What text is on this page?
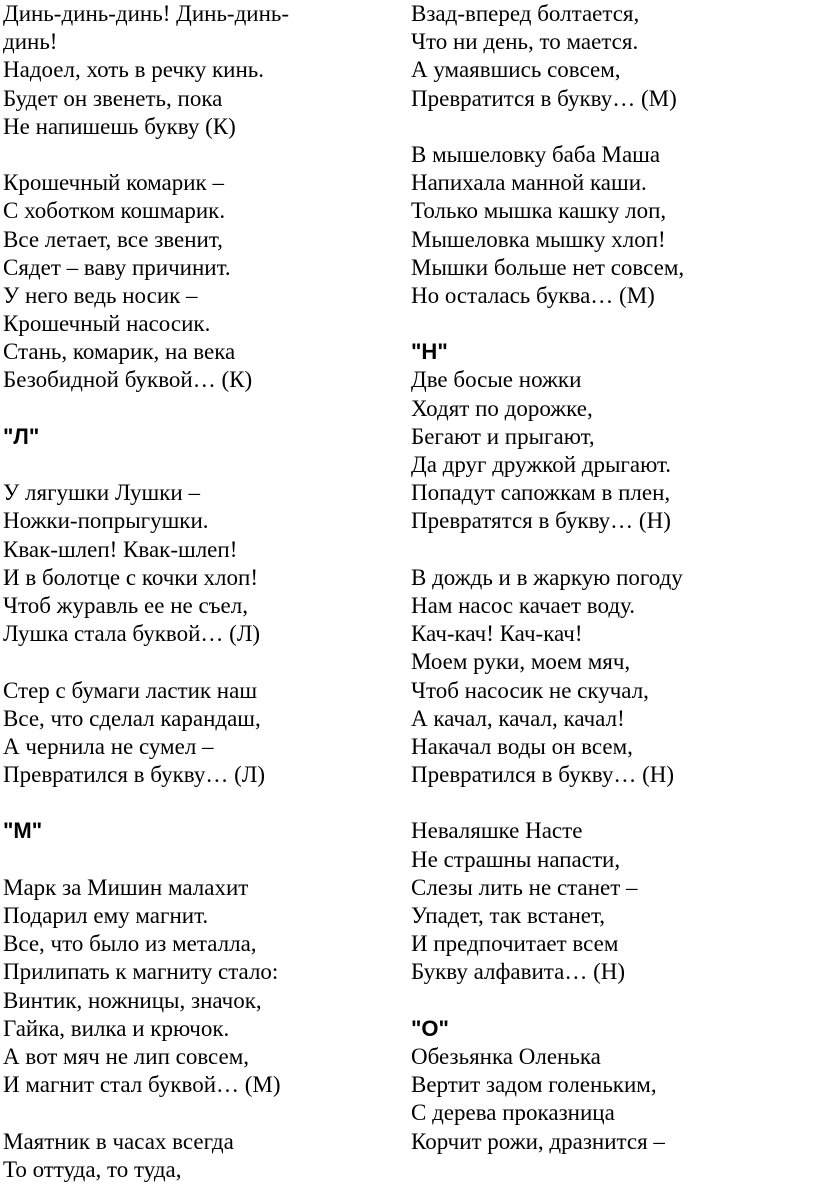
Динь-динь-динь! Динь-динь-
динь!
Надоел, хоть в речку кинь.
Будет он звенеть, пока
Не напишешь букву (К)
Крошечный комарик –
С хоботком кошмарик.
Все летает, все звенит,
Сядет – ваву причинит.
У него ведь носик –
Крошечный насосик.
Стань, комарик, на века
Безобидной буквой… (К)
"Л"
У лягушки Лушки –
Ножки-попрыгушки.
Квак-шлеп! Квак-шлеп!
И в болотце с кочки хлоп!
Чтоб журавль ее не съел,
Лушка стала буквой… (Л)
Стер с бумаги ластик наш
Все, что сделал карандаш,
А чернила не сумел –
Превратился в букву… (Л)
"М"
Марк за Мишин малахит
Подарил ему магнит.
Все, что было из металла,
Прилипать к магниту стало:
Винтик, ножницы, значок,
Гайка, вилка и крючок.
А вот мяч не лип совсем,
И магнит стал буквой… (М)
Маятник в часах всегда
То оттуда, то туда,
Взад-вперед болтается,
Что ни день, то мается.
А умаявшись совсем,
Превратится в букву… (М)
В мышеловку баба Маша
Напихала манной каши.
Только мышка кашку лоп,
Мышеловка мышку хлоп!
Мышки больше нет совсем,
Но осталась буква… (М)
"Н"
Две босые ножки
Ходят по дорожке,
Бегают и прыгают,
Да друг дружкой дрыгают.
Попадут сапожкам в плен,
Превратятся в букву… (Н)
В дождь и в жаркую погоду
Нам насос качает воду.
Кач-кач! Кач-кач!
Моем руки, моем мяч,
Чтоб насосик не скучал,
А качал, качал, качал!
Накачал воды он всем,
Превратился в букву… (Н)
Неваляшке Насте
Не страшны напасти,
Слезы лить не станет –
Упадет, так встанет,
И предпочитает всем
Букву алфавита… (Н)
"О"
Обезьянка Оленька
Вертит задом голеньким,
С дерева проказница
Корчит рожи, дразнится –
